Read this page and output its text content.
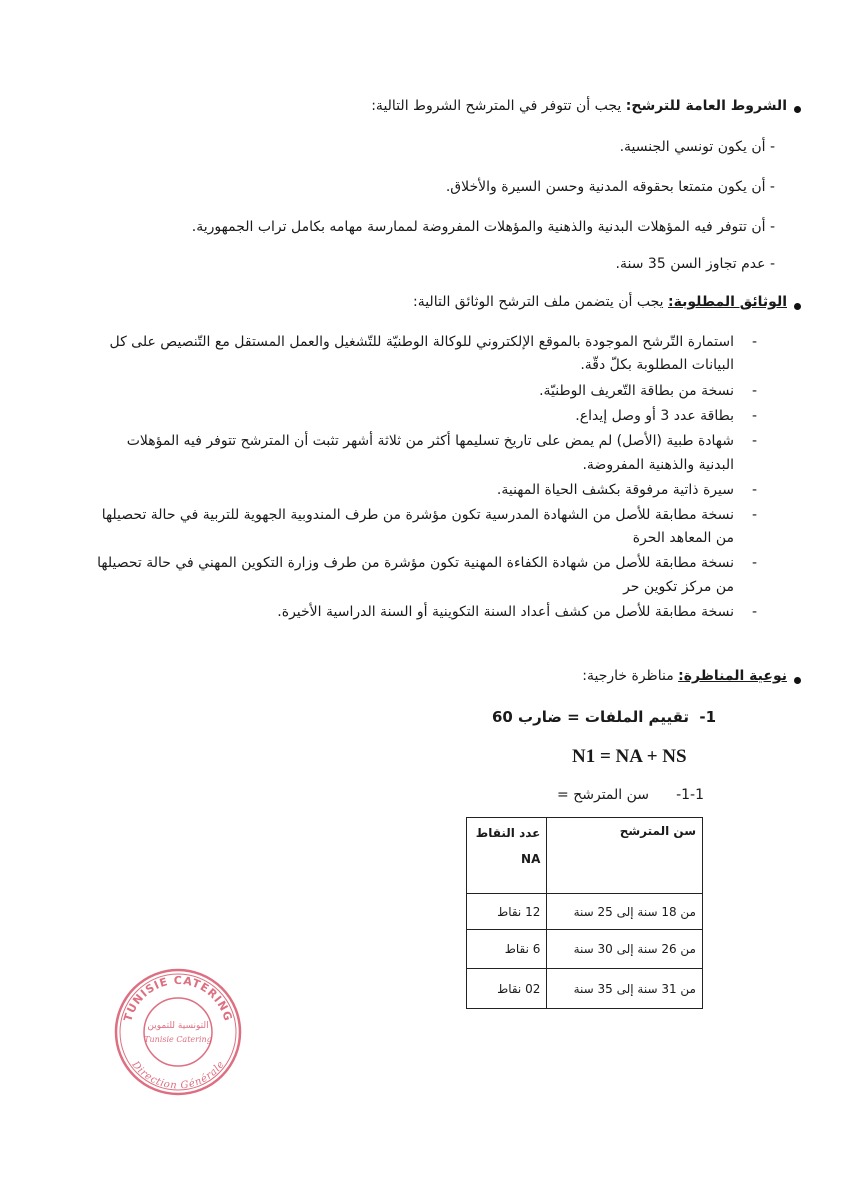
الشروط العامة للترشح: يجب أن تتوفر في المترشح الشروط التالية:
- أن يكون تونسي الجنسية.
- أن يكون متمتعا بحقوقه المدنية وحسن السيرة والأخلاق.
- أن تتوفر فيه المؤهلات البدنية والذهنية والمؤهلات المفروضة لممارسة مهامه بكامل تراب الجمهورية.
- عدم تجاوز السن 35 سنة.
الوثائق المطلوبة: يجب أن يتضمن ملف الترشح الوثائق التالية:
-
استمارة التّرشح الموجودة بالموقع الإلكتروني للوكالة الوطنيّة للتّشغيل والعمل المستقل مع التّنصيص على كل
البيانات المطلوبة بكلّ دقّة.
-
نسخة من بطاقة التّعريف الوطنيّة.
-
بطاقة عدد 3 أو وصل إيداع.
-
شهادة طبية (الأصل) لم يمض على تاريخ تسليمها أكثر من ثلاثة أشهر تثبت أن المترشح تتوفر فيه المؤهلات
البدنية والذهنية المفروضة.
-
سيرة ذاتية مرفوقة بكشف الحياة المهنية.
-
نسخة مطابقة للأصل من الشهادة المدرسية تكون مؤشرة من طرف المندوبية الجهوية للتربية في حالة تحصيلها
من المعاهد الحرة
-
نسخة مطابقة للأصل من شهادة الكفاءة المهنية تكون مؤشرة من طرف وزارة التكوين المهني في حالة تحصيلها
من مركز تكوين حر
-
نسخة مطابقة للأصل من كشف أعداد السنة التكوينية أو السنة الدراسية الأخيرة.
نوعية المناظرة: مناظرة خارجية:
1-
تقييم الملفات = ضارب 60
N1 = NA + NS
1-1-
سن المترشح =
سن المترشح	عدد النقاط
NA

من 18 سنة إلى 25 سنة	12 نقاط
من 26 سنة إلى 30 سنة	6 نقاط
من 31 سنة إلى 35 سنة	02 نقاط
TUNISIE CATERING
Direction Générale
التونسية للتموين
Tunisie Catering
